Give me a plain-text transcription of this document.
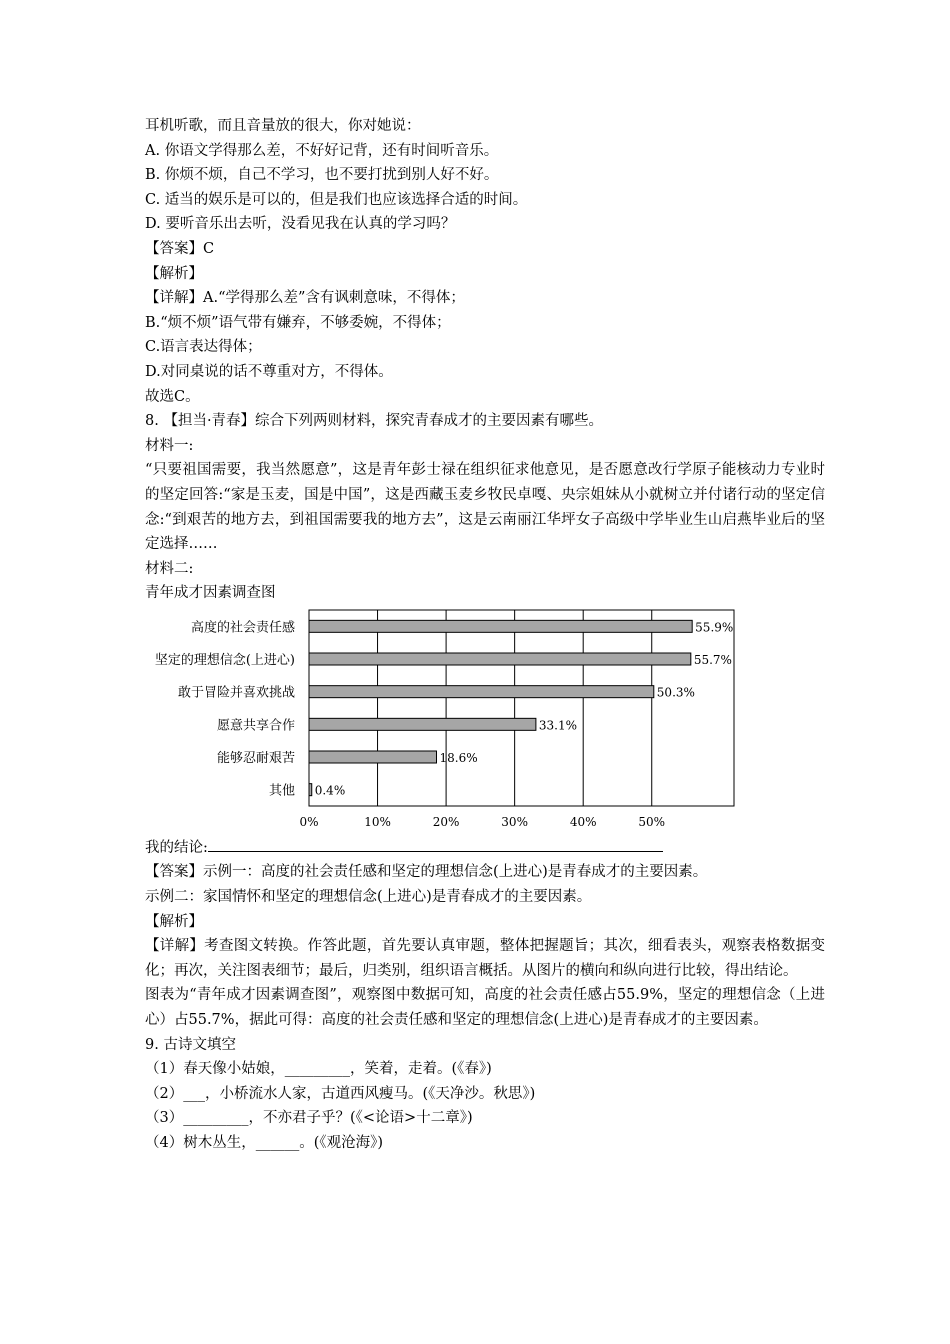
耳机听歌，而且音量放的很大，你对她说：
A. 你语文学得那么差，不好好记背，还有时间听音乐。
B. 你烦不烦，自己不学习，也不要打扰到别人好不好。
C. 适当的娱乐是可以的，但是我们也应该选择合适的时间。
D. 要听音乐出去听，没看见我在认真的学习吗？
【答案】C
【解析】
【详解】A.“学得那么差”含有讽刺意味，不得体；
B.“烦不烦”语气带有嫌弃，不够委婉，不得体；
C.语言表达得体；
D.对同桌说的话不尊重对方，不得体。
故选C。
8. 【担当·青春】综合下列两则材料，探究青春成才的主要因素有哪些。
材料一:
“只要祖国需要，我当然愿意”，这是青年彭士禄在组织征求他意见，是否愿意改行学原子能核动力专业时的坚定回答:“家是玉麦，国是中国”，这是西藏玉麦乡牧民卓嘎、央宗姐妹从小就树立并付诸行动的坚定信念:“到艰苦的地方去，到祖国需要我的地方去”，这是云南丽江华坪女子高级中学毕业生山启燕毕业后的坚定选择……
材料二:
青年成才因素调查图
0%	10%	20%	30%	40%	50%
高度的社会责任感	55.9%
坚定的理想信念(上进心)	55.7%
敢于冒险并喜欢挑战	50.3%
愿意共享合作	33.1%
能够忍耐艰苦	18.6%
其他 0.4%
我的结论:
【答案】示例一：高度的社会责任感和坚定的理想信念(上进心)是青春成才的主要因素。
示例二：家国情怀和坚定的理想信念(上进心)是青春成才的主要因素。
【解析】
【详解】考查图文转换。作答此题，首先要认真审题，整体把握题旨；其次，细看表头，观察表格数据变化；再次，关注图表细节；最后，归类别，组织语言概括。从图片的横向和纵向进行比较，得出结论。
图表为“青年成才因素调查图”，观察图中数据可知，高度的社会责任感占55.9%，坚定的理想信念（上进心）占55.7%，据此可得：高度的社会责任感和坚定的理想信念(上进心)是青春成才的主要因素。
9. 古诗文填空
（1）春天像小姑娘，_________，笑着，走着。(《春》)
（2）___，小桥流水人家，古道西风瘦马。(《天净沙。秋思》)
（3）_________，不亦君子乎？(《<论语>十二章》)
（4）树木丛生，______。(《观沧海》)
